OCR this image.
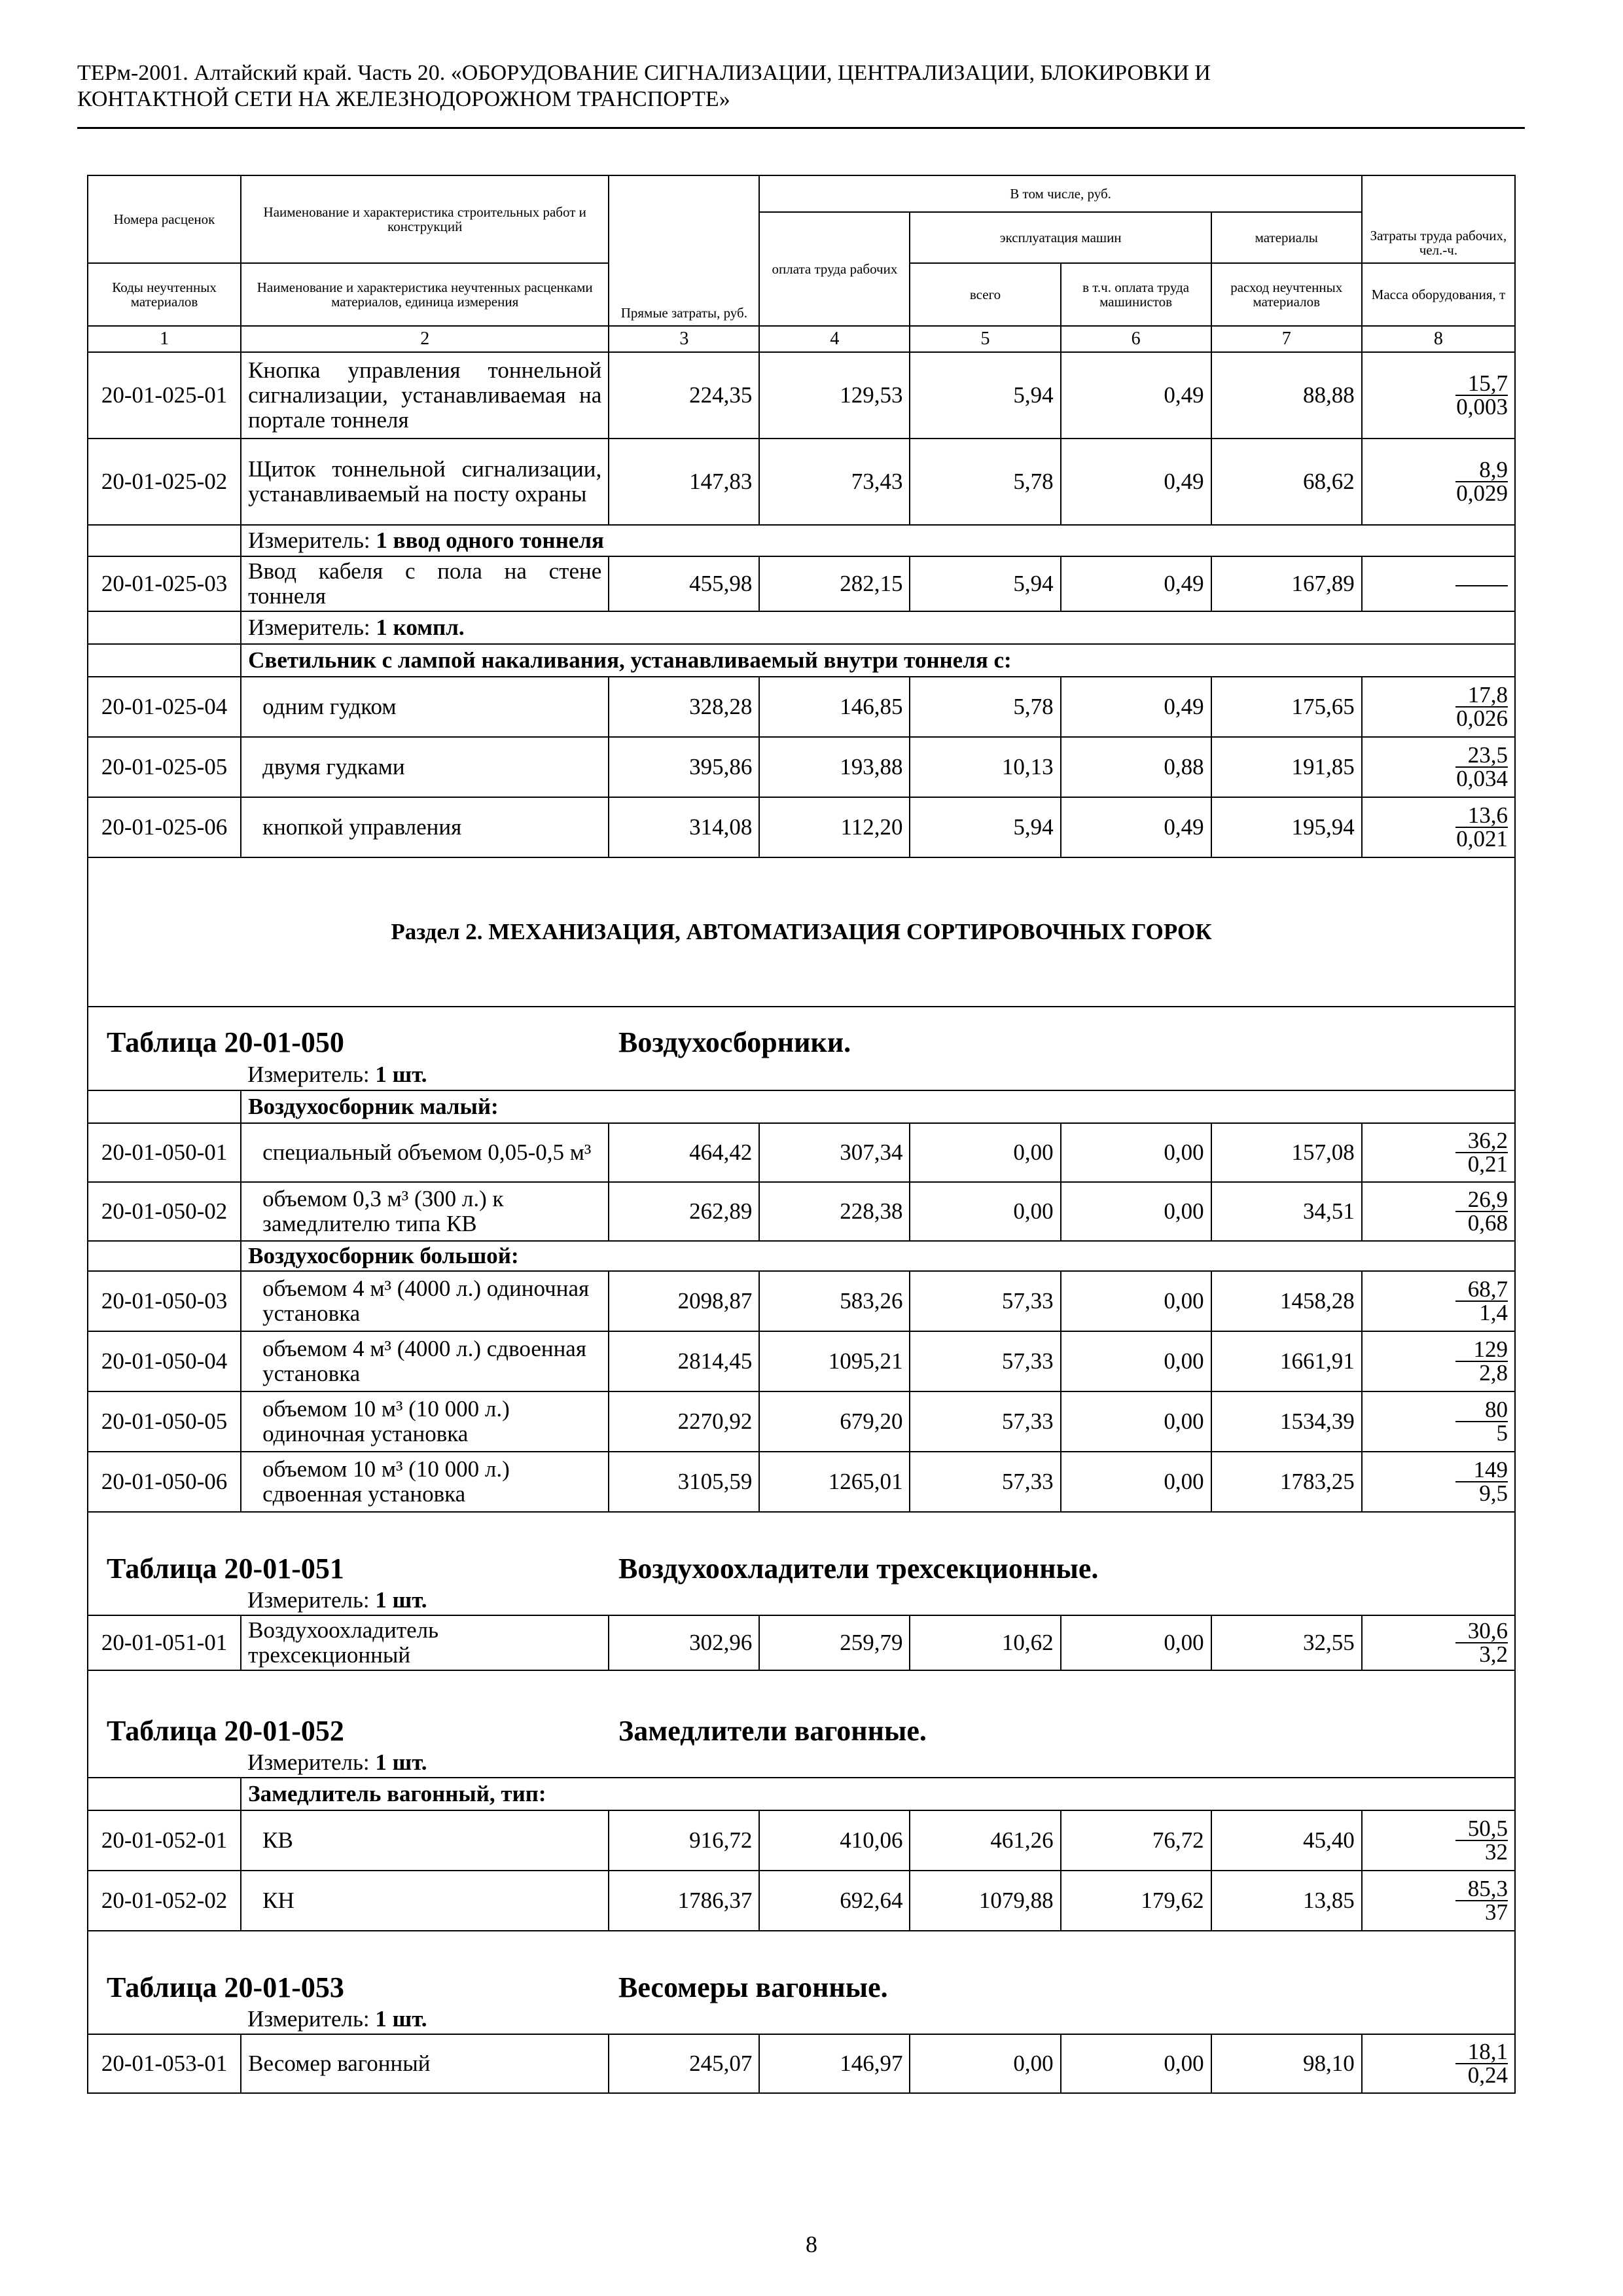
ТЕРм-2001. Алтайский край. Часть 20. «ОБОРУДОВАНИЕ СИГНАЛИЗАЦИИ, ЦЕНТРАЛИЗАЦИИ, БЛОКИРОВКИ И
КОНТАКТНОЙ СЕТИ НА ЖЕЛЕЗНОДОРОЖНОМ ТРАНСПОРТЕ»
Номера расценок	Наименование и характеристика строительных работ и конструкций	Прямые затраты, руб.	В том числе, руб.				Затраты труда рабочих, чел.-ч.
			оплата труда рабочих	эксплуатация машин		материалы	
Коды неучтенных материалов	Наименование и характеристика неучтенных расценками материалов, единица измерения			всего	в т.ч. оплата труда машинистов	расход неучтенных материалов	Масса оборудования, т
1	2	3	4	5	6	7	8
20-01-025-01	Кнопка управления тоннельной сигнализации, устанавливаемая на портале тоннеля	224,35	129,53	5,94	0,49	88,88	$\frac{15,7}{0,003}$

20-01-025-02	Щиток тоннельной сигнализации, устанавливаемый на посту охраны	147,83	73,43	5,78	0,49	68,62	$\frac{8,9}{0,029}$

	Измеритель: 1 ввод одного тоннеля						
20-01-025-03	Ввод кабеля с пола на стене тоннеля	455,98	282,15	5,94	0,49	167,89	

	Измеритель: 1 компл.						
	Светильник с лампой накаливания, устанавливаемый внутри тоннеля с:						
20-01-025-04	одним гудком	328,28	146,85	5,78	0,49	175,65	$\frac{17,8}{0,026}$

20-01-025-05	двумя гудками	395,86	193,88	10,13	0,88	191,85	$\frac{23,5}{0,034}$

20-01-025-06	кнопкой управления	314,08	112,20	5,94	0,49	195,94	$\frac{13,6}{0,021}$

Раздел 2. МЕХАНИЗАЦИЯ, АВТОМАТИЗАЦИЯ СОРТИРОВОЧНЫХ ГОРОК							
Таблица 20-01-050 Воздухосборники.							
	Измеритель: 1 шт.						
	Воздухосборник малый:						
20-01-050-01	специальный объемом 0,05-0,5 м³	464,42	307,34	0,00	0,00	157,08	$\frac{36,2}{0,21}$

20-01-050-02	объемом 0,3 м³ (300 л.) к замедлителю типа КВ	262,89	228,38	0,00	0,00	34,51	$\frac{26,9}{0,68}$

	Воздухосборник большой:						
20-01-050-03	объемом 4 м³ (4000 л.) одиночная установка	2098,87	583,26	57,33	0,00	1458,28	$\frac{68,7}{1,4}$

20-01-050-04	объемом 4 м³ (4000 л.) сдвоенная установка	2814,45	1095,21	57,33	0,00	1661,91	$\frac{129}{2,8}$

20-01-050-05	объемом 10 м³ (10 000 л.) одиночная установка	2270,92	679,20	57,33	0,00	1534,39	$\frac{80}{5}$

20-01-050-06	объемом 10 м³ (10 000 л.) сдвоенная установка	3105,59	1265,01	57,33	0,00	1783,25	$\frac{149}{9,5}$

Таблица 20-01-051 Воздухоохладители трехсекционные.							
	Измеритель: 1 шт.						
20-01-051-01	Воздухоохладитель трехсекционный	302,96	259,79	10,62	0,00	32,55	$\frac{30,6}{3,2}$

Таблица 20-01-052 Замедлители вагонные.							
	Измеритель: 1 шт.						
	Замедлитель вагонный, тип:						
20-01-052-01	КВ	916,72	410,06	461,26	76,72	45,40	$\frac{50,5}{32}$

20-01-052-02	КН	1786,37	692,64	1079,88	179,62	13,85	$\frac{85,3}{37}$

Таблица 20-01-053 Весомеры вагонные.							
	Измеритель: 1 шт.						
20-01-053-01	Весомер вагонный	245,07	146,97	0,00	0,00	98,10	$\frac{18,1}{0,24}$
8
